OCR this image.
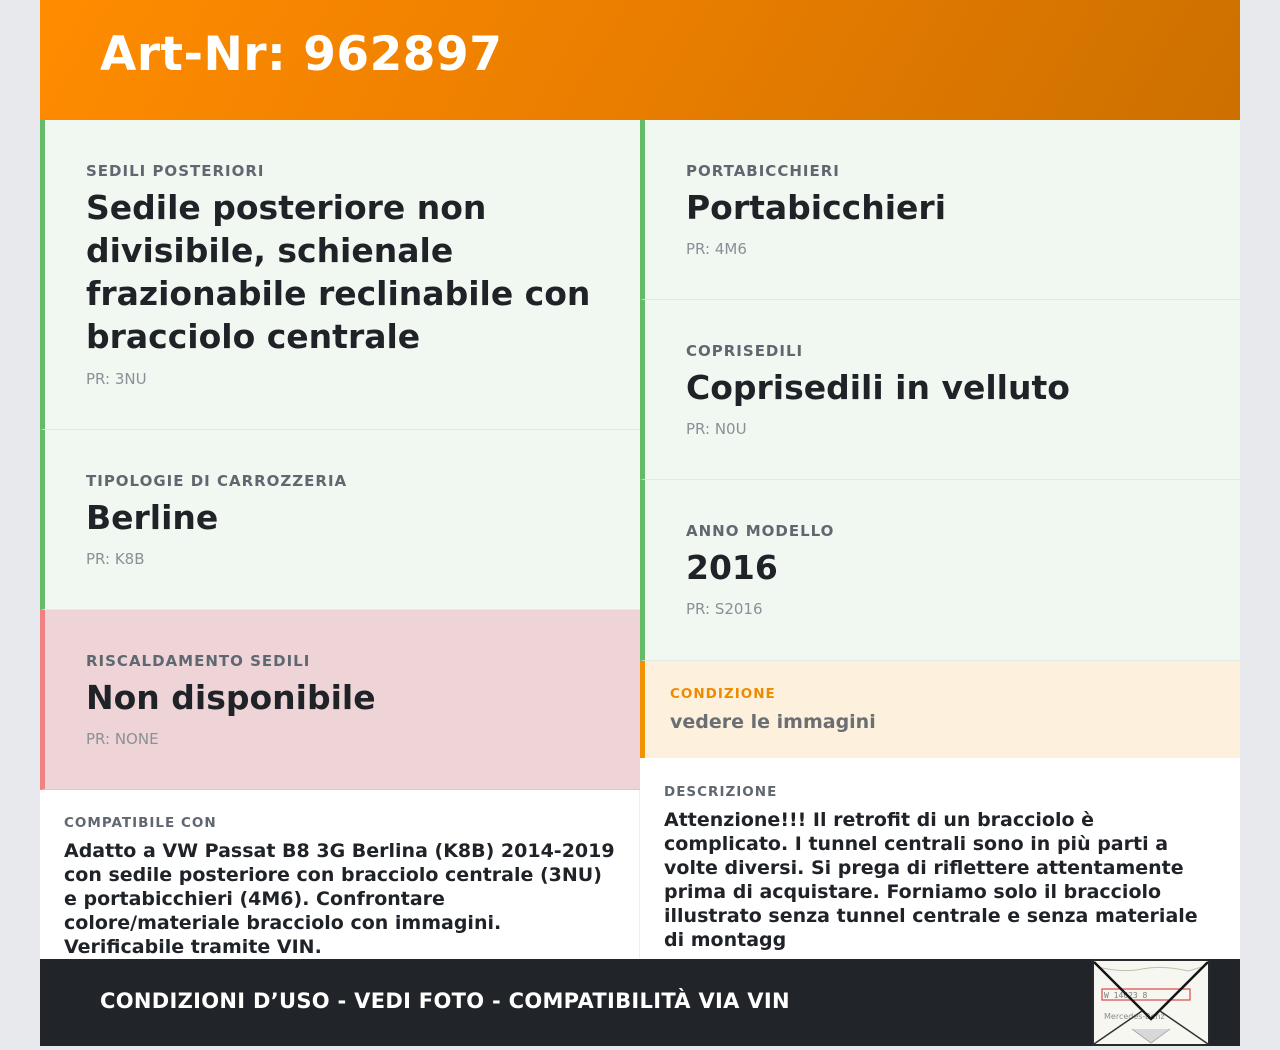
Art-Nr: 962897
SEDILI POSTERIORI
Sedile posteriore non divisibile, schienale frazionabile reclinabile con bracciolo centrale
PR: 3NU
TIPOLOGIE DI CARROZZERIA
Berline
PR: K8B
RISCALDAMENTO SEDILI
Non disponibile
PR: NONE
PORTABICCHIERI
Portabicchieri
PR: 4M6
COPRISEDILI
Coprisedili in velluto
PR: N0U
ANNO MODELLO
2016
PR: S2016
CONDIZIONE
vedere le immagini
COMPATIBILE CON
Adatto a VW Passat B8 3G Berlina (K8B) 2014-2019 con sedile posteriore con bracciolo centrale (3NU) e portabicchieri (4M6). Confrontare colore/materiale bracciolo con immagini. Verificabile tramite VIN.
DESCRIZIONE
Attenzione!!! Il retrofit di un bracciolo è complicato. I tunnel centrali sono in più parti a volte diversi. Si prega di riflettere attentamente prima di acquistare. Forniamo solo il bracciolo illustrato senza tunnel centrale e senza materiale di montagg
CONDIZIONI D’USO - VEDI FOTO - COMPATIBILITÀ VIA VIN	W 14623 8
Mercedes-Benz
